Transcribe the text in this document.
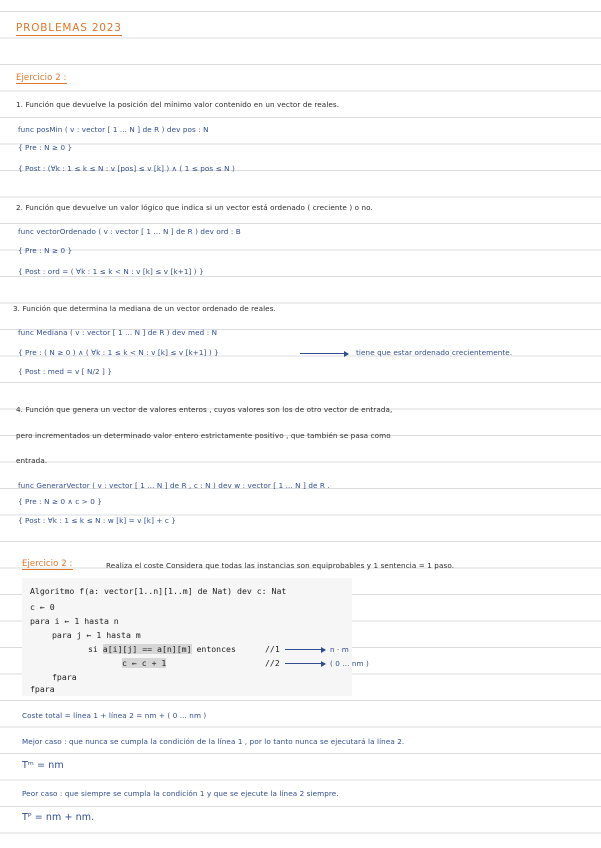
PROBLEMAS 2023
Ejercicio 2 :
1. Función que devuelve la posición del mínimo valor contenido en un vector de reales.
func posMin ( v : vector [ 1 ... N ] de R ) dev pos : N
{ Pre : N ≥ 0 }
{ Post : (∀k : 1 ≤ k ≤ N : v [pos] ≤ v [k] ) ∧ ( 1 ≤ pos ≤ N )
2. Función que devuelve un valor lógico que indica si un vector está ordenado ( creciente ) o no.
func vectorOrdenado ( v : vector [ 1 ... N ] de R ) dev ord : B
{ Pre : N ≥ 0 }
{ Post : ord = ( ∀k : 1 ≤ k < N : v [k] ≤ v [k+1] ) }
3. Función que determina la mediana de un vector ordenado de reales.
func Mediana ( v : vector [ 1 ... N ] de R ) dev med : N
{ Pre : ( N ≥ 0 ) ∧ ( ∀k : 1 ≤ k < N : v [k] ≤ v [k+1] ) }	tiene que estar ordenado crecientemente.
{ Post : med = v [ N/2 ] }
4. Función que genera un vector de valores enteros , cuyos valores son los de otro vector de entrada,
pero incrementados un determinado valor entero estrictamente positivo , que también se pasa como
entrada.
func GenerarVector ( v : vector [ 1 ... N ] de R , c : N ) dev w : vector [ 1 ... N ] de R .
{ Pre : N ≥ 0 ∧ c > 0 }
{ Post : ∀k : 1 ≤ k ≤ N : w [k] = v [k] + c }
Ejercicio 2 :	Realiza el coste Considera que todas las instancias son equiprobables y 1 sentencia = 1 paso.
Algoritmo f(a: vector[1..n][1..m] de Nat) dev c: Nat
c ← 0
para i ← 1 hasta n
para j ← 1 hasta m
si a[i][j] == a[n][m] entonces
c ← c + 1
fpara
fpara
//1	n · m
//2	( 0 ... nm )
Coste total = línea 1 + línea 2 = nm + ( 0 ... nm )
Mejor caso : que nunca se cumpla la condición de la línea 1 , por lo tanto nunca se ejecutará la línea 2.
Tᵐ = nm
Peor caso : que siempre se cumpla la condición 1 y que se ejecute la línea 2 siempre.
Tᴾ = nm + nm.
